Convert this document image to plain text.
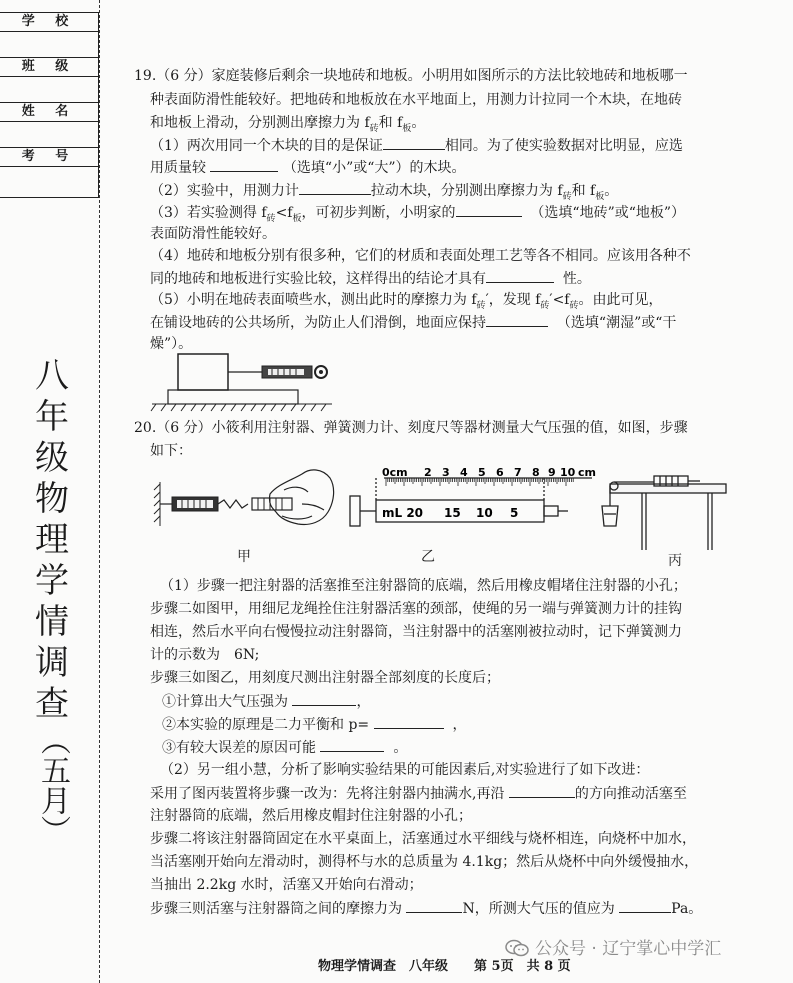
学 校
班 级
姓 名
考 号
八
年
级
物
理
学
情
调
查
（五月）
19.（6 分）家庭装修后剩余一块地砖和地板。小明用如图所示的方法比较地砖和地板哪一
种表面防滑性能较好。把地砖和地板放在水平地面上，用测力计拉同一个木块，在地砖
和地板上滑动，分别测出摩擦力为 $f_砖$和 $f_板$。
（1）两次用同一个木块的目的是保证	相同。为了使实验数据对比明显，应选
用质量较	（选填“小”或“大”）的木块。
（2）实验中，用测力计	拉动木块，分别测出摩擦力为 $f_砖$和 $f_板$。
（3）若实验测得 $f_砖<f_板$，可初步判断，小明家的	（选填“地砖”或“地板”）
表面防滑性能较好。
（4）地砖和地板分别有很多种，它们的材质和表面处理工艺等各不相同。应该用各种不
同的地砖和地板进行实验比较，这样得出的结论才具有	性。
（5）小明在地砖表面喷些水，测出此时的摩擦力为 $f_砖'$，发现 $f_砖'<f_砖$。由此可见，
在铺设地砖的公共场所，为防止人们滑倒，地面应保持	（选填“潮湿”或“干
燥”）。
20.（6 分）小筱利用注射器、弹簧测力计、刻度尺等器材测量大气压强的值，如图，步骤
如下：
甲
0cm 2 3 4 5 6 7 8 9 10 cm
mL 20 15 10 5
乙	丙
（1）步骤一把注射器的活塞推至注射器筒的底端，然后用橡皮帽堵住注射器的小孔；
步骤二如图甲，用细尼龙绳拴住注射器活塞的颈部，使绳的另一端与弹簧测力计的挂钩
相连，然后水平向右慢慢拉动注射器筒，当注射器中的活塞刚被拉动时，记下弹簧测力
计的示数为　6N;
步骤三如图乙，用刻度尺测出注射器全部刻度的长度后；
①计算出大气压强为	，
②本实验的原理是二力平衡和 p=	，
③有较大误差的原因可能	。
（2）另一组小慧，分析了影响实验结果的可能因素后,对实验进行了如下改进：
采用了图丙装置将步骤一改为：先将注射器内抽满水,再沿	的方向推动活塞至
注射器筒的底端，然后用橡皮帽封住注射器的小孔；
步骤二将该注射器筒固定在水平桌面上，活塞通过水平细线与烧杯相连，向烧杯中加水，
当活塞刚开始向左滑动时，测得杯与水的总质量为 4.1kg；然后从烧杯中向外缓慢抽水，
当抽出 2.2kg 水时，活塞又开始向右滑动；
步骤三则活塞与注射器筒之间的摩擦力为	N，所测大气压的值应为	Pa。
公众号 · 辽宁掌心中学汇
物理学情调查　八年级　　第 5页　共 8 页
